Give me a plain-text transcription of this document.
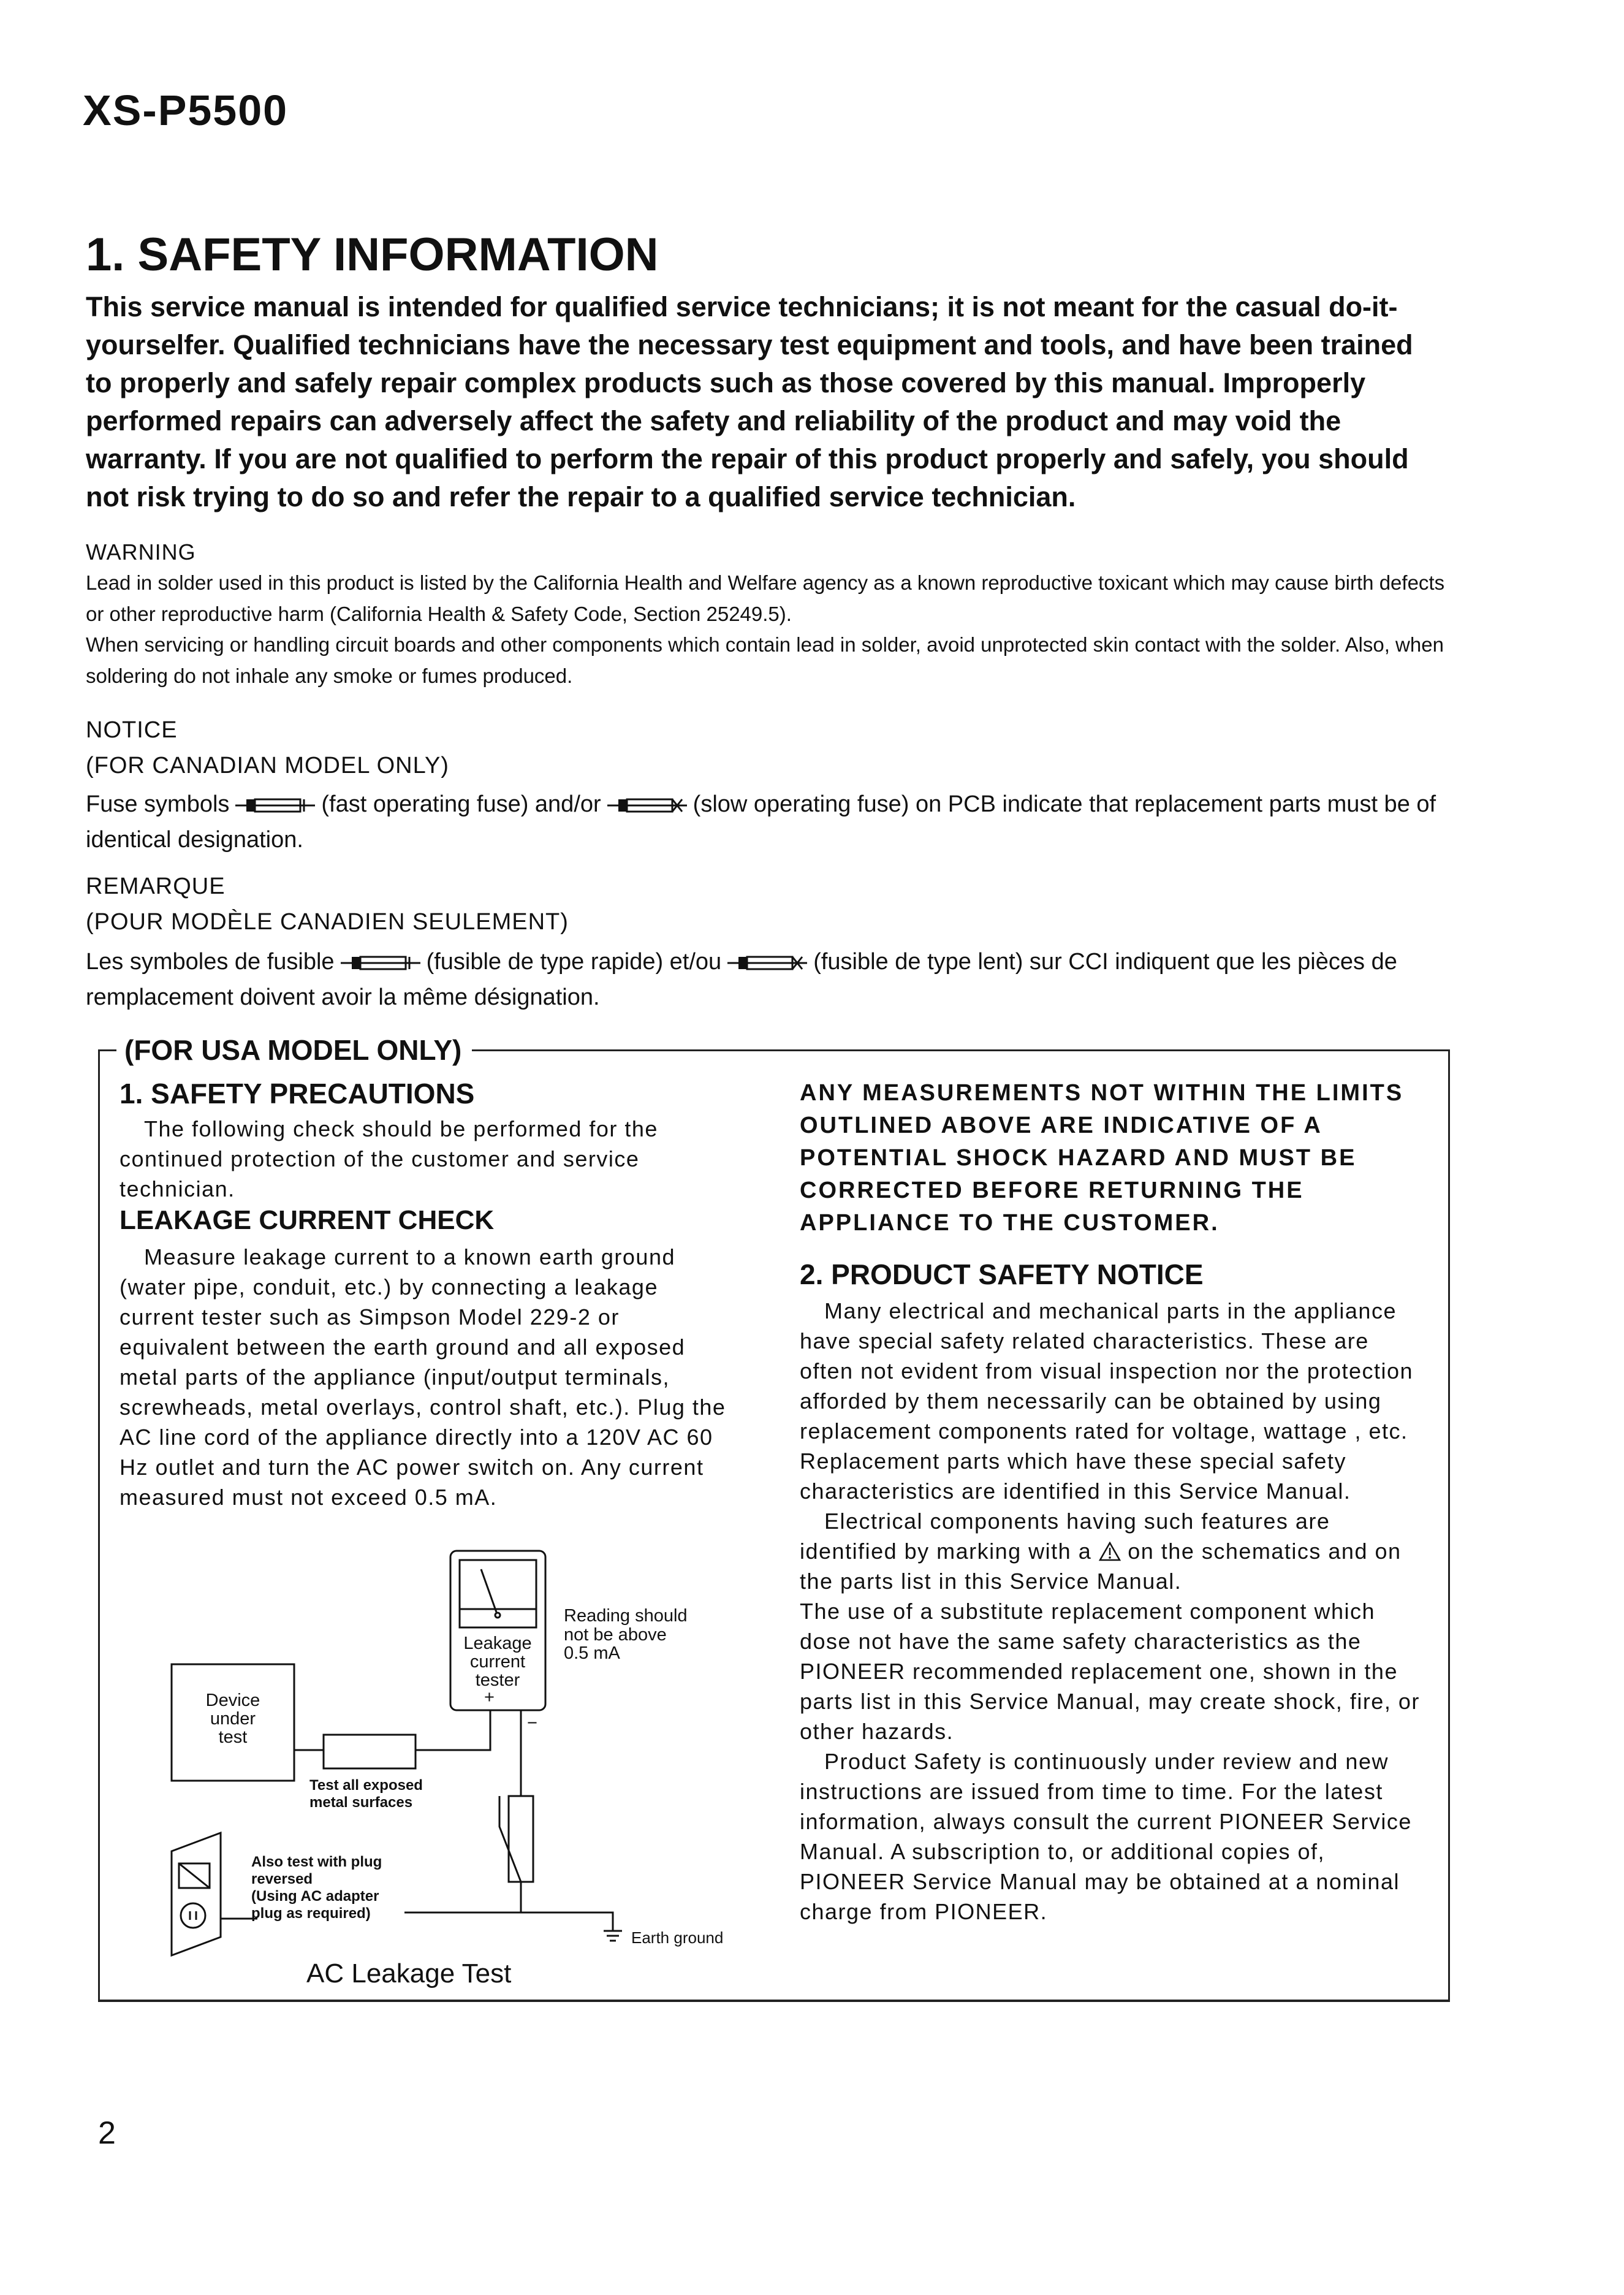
XS-P5500
1. SAFETY INFORMATION
This service manual is intended for qualified service technicians; it is not meant for the casual do-it-yourselfer. Qualified technicians have the necessary test equipment and tools, and have been trained to properly and safely repair complex products such as those covered by this manual. Improperly performed repairs can adversely affect the safety and reliability of the product and may void the warranty. If you are not qualified to perform the repair of this product properly and safely, you should not risk trying to do so and refer the repair to a qualified service technician.
WARNING
Lead in solder used in this product is listed by the California Health and Welfare agency as a known reproductive toxicant which may cause birth defects or other reproductive harm (California Health & Safety Code, Section 25249.5).
When servicing or handling circuit boards and other components which contain lead in solder, avoid unprotected skin contact with the solder. Also, when soldering do not inhale any smoke or fumes produced.
NOTICE
(FOR CANADIAN MODEL ONLY)
Fuse symbols	(fast operating fuse) and/or	(slow operating fuse) on PCB indicate that replacement parts must be of identical designation.
REMARQUE
(POUR MODÈLE CANADIEN SEULEMENT)
Les symboles de fusible	(fusible de type rapide) et/ou	(fusible de type lent) sur CCI indiquent que les pièces de remplacement doivent avoir la même désignation.
(FOR USA MODEL ONLY)
1. SAFETY PRECAUTIONS
The following check should be performed for the continued protection of the customer and service technician.
LEAKAGE CURRENT CHECK
Measure leakage current to a known earth ground (water pipe, conduit, etc.) by connecting a leakage current tester such as Simpson Model 229-2 or equivalent between the earth ground and all exposed metal parts of the appliance (input/output terminals, screwheads, metal overlays, control shaft, etc.). Plug the AC line cord of the appliance directly into a 120V AC 60 Hz outlet and turn the AC power switch on. Any current measured must not exceed 0.5 mA.
ANY MEASUREMENTS NOT WITHIN THE LIMITS OUTLINED ABOVE ARE INDICATIVE OF A POTENTIAL SHOCK HAZARD AND MUST BE CORRECTED BEFORE RETURNING THE APPLIANCE TO THE CUSTOMER.
2. PRODUCT SAFETY NOTICE
Many electrical and mechanical parts in the appliance have special safety related characteristics. These are often not evident from visual inspection nor the protection afforded by them necessarily can be obtained by using replacement components rated for voltage, wattage , etc. Replacement parts which have these special safety characteristics are identified in this Service Manual.
Electrical components having such features are identified by marking with a on the schematics and on the parts list in this Service Manual.
The use of a substitute replacement component which dose not have the same safety characteristics as the PIONEER recommended replacement one, shown in the parts list in this Service Manual, may create shock, fire, or other hazards.
Product Safety is continuously under review and new instructions are issued from time to time. For the latest information, always consult the current PIONEER Service Manual. A subscription to, or additional copies of, PIONEER Service Manual may be obtained at a nominal charge from PIONEER.
Device
under
test
Leakage
current
tester
+
−
Reading should
not be above
0.5 mA
Test all exposed
metal surfaces
Also test with plug
reversed
(Using AC adapter
plug as required)
Earth ground
AC Leakage Test
2
